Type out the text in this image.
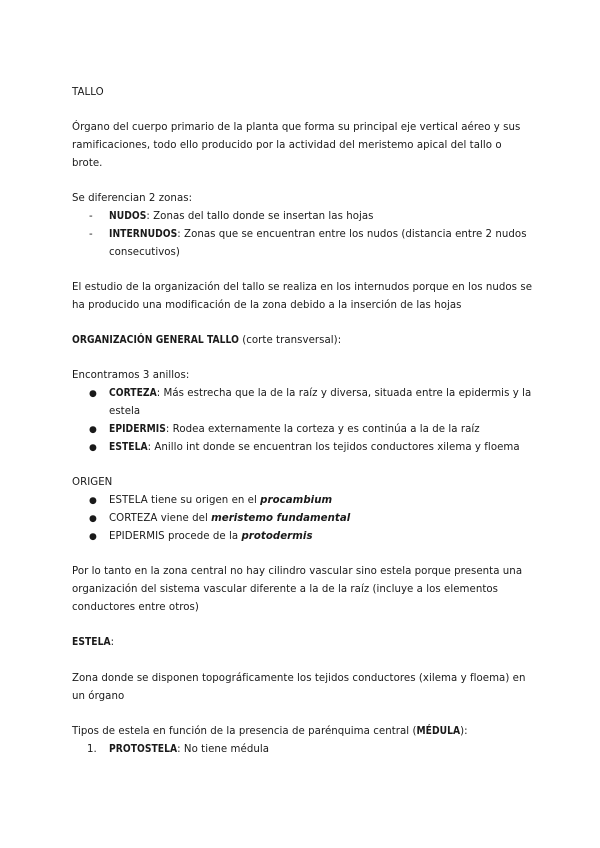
TALLO

Órgano del cuerpo primario de la planta que forma su principal eje vertical aéreo y sus ramificaciones, todo ello producido por la actividad del meristemo apical del tallo o brote.

Se diferencian 2 zonas:

-	NUDOS: Zonas del tallo donde se insertan las hojas
-	INTERNUDOS: Zonas que se encuentran entre los nudos (distancia entre 2 nudos consecutivos)

El estudio de la organización del tallo se realiza en los internudos porque en los nudos se ha producido una modificación de la zona debido a la inserción de las hojas

ORGANIZACIÓN GENERAL TALLO (corte transversal):

Encontramos 3 anillos:

●	CORTEZA: Más estrecha que la de la raíz y diversa, situada entre la epidermis y la estela
●	EPIDERMIS: Rodea externamente la corteza y es continúa a la de la raíz
●	ESTELA: Anillo int donde se encuentran los tejidos conductores xilema y floema

ORIGEN

●	ESTELA tiene su origen en el procambium
●	CORTEZA viene del meristemo fundamental
●	EPIDERMIS procede de la protodermis

Por lo tanto en la zona central no hay cilindro vascular sino estela porque presenta una organización del sistema vascular diferente a la de la raíz (incluye a los elementos conductores entre otros)

ESTELA:

Zona donde se disponen topográficamente los tejidos conductores (xilema y floema) en un órgano

Tipos de estela en función de la presencia de parénquima central (MÉDULA):

1. PROTOSTELA: No tiene médula
